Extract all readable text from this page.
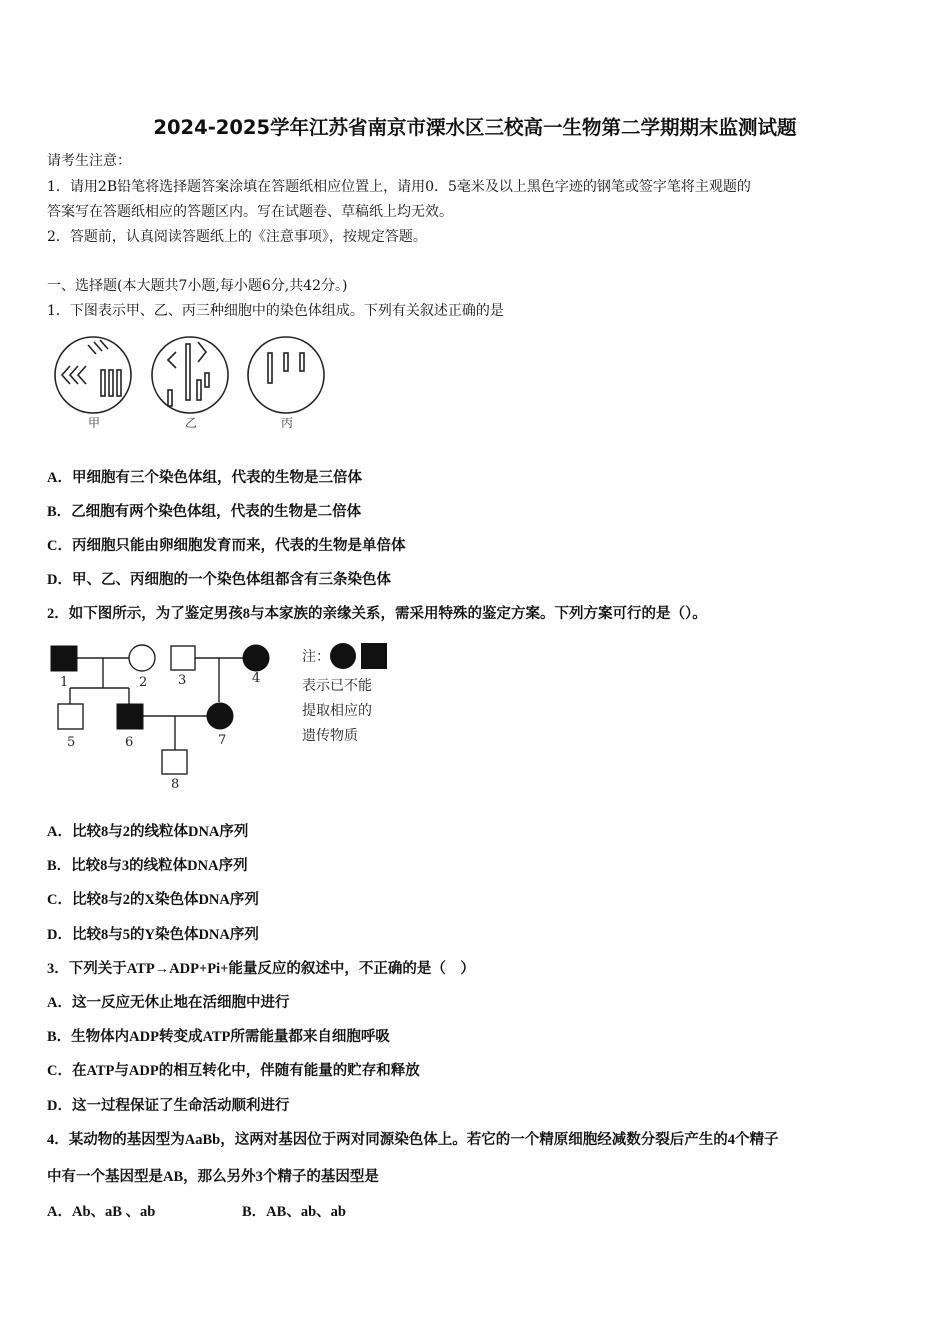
2024-2025学年江苏省南京市溧水区三校高一生物第二学期期末监测试题
请考生注意：
1．请用2B铅笔将选择题答案涂填在答题纸相应位置上，请用0．5毫米及以上黑色字迹的钢笔或签字笔将主观题的
答案写在答题纸相应的答题区内。写在试题卷、草稿纸上均无效。
2．答题前，认真阅读答题纸上的《注意事项》，按规定答题。
一、选择题(本大题共7小题,每小题6分,共42分。)
1．下图表示甲、乙、丙三种细胞中的染色体组成。下列有关叙述正确的是
甲	乙	丙
A．甲细胞有三个染色体组，代表的生物是三倍体
B．乙细胞有两个染色体组，代表的生物是二倍体
C．丙细胞只能由卵细胞发育而来，代表的生物是单倍体
D．甲、乙、丙细胞的一个染色体组都含有三条染色体
2．如下图所示，为了鉴定男孩8与本家族的亲缘关系，需采用特殊的鉴定方案。下列方案可行的是（）。
1	2 3	4
5	6	7
8
注：
表示已不能
提取相应的
遗传物质
A．比较8与2的线粒体DNA序列
B．比较8与3的线粒体DNA序列
C．比较8与2的X染色体DNA序列
D．比较8与5的Y染色体DNA序列
3．下列关于ATP→ADP+Pi+能量反应的叙述中，不正确的是（　）
A．这一反应无休止地在活细胞中进行
B．生物体内ADP转变成ATP所需能量都来自细胞呼吸
C．在ATP与ADP的相互转化中，伴随有能量的贮存和释放
D．这一过程保证了生命活动顺利进行
4．某动物的基因型为AaBb，这两对基因位于两对同源染色体上。若它的一个精原细胞经减数分裂后产生的4个精子
中有一个基因型是AB，那么另外3个精子的基因型是
A．Ab、aB 、ab	B．AB、ab、ab
